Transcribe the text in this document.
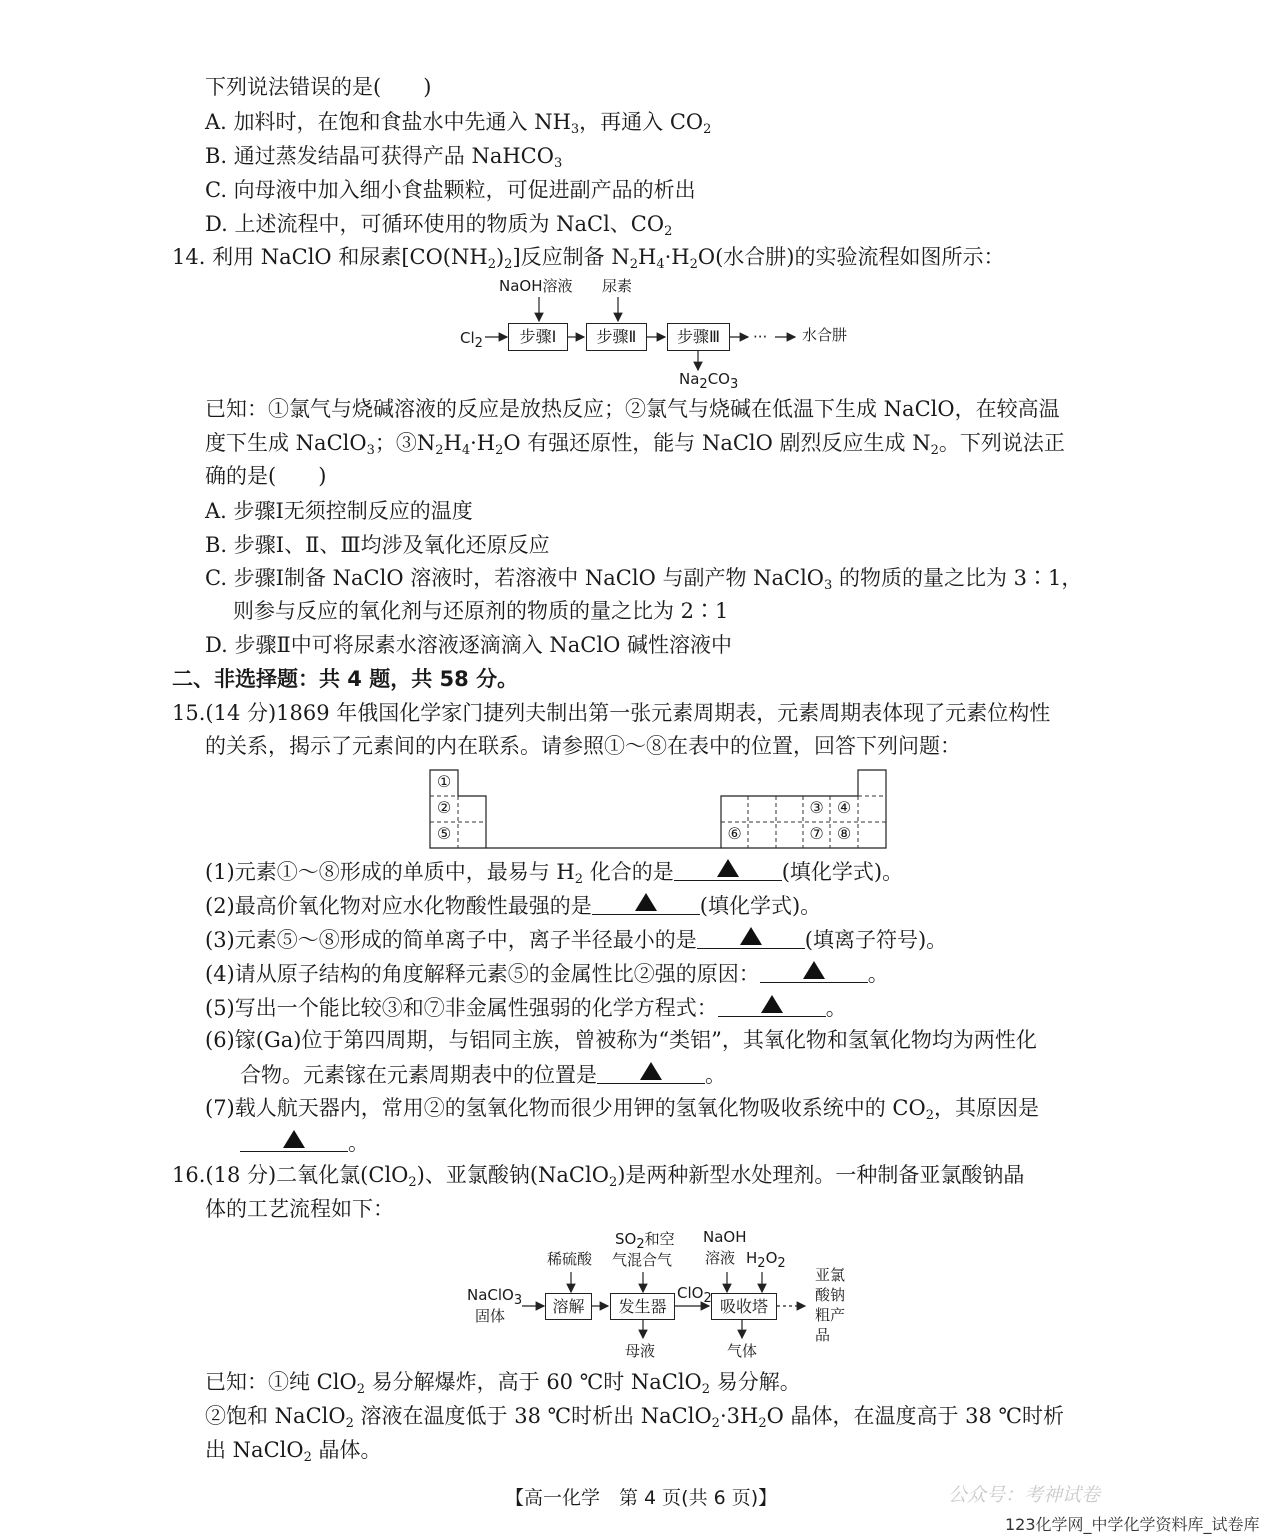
下列说法错误的是(　　)
A. 加料时，在饱和食盐水中先通入 $NH_3$，再通入 $CO_2$
B. 通过蒸发结晶可获得产品 NaHCO$_3$
C. 向母液中加入细小食盐颗粒，可促进副产品的析出
D. 上述流程中，可循环使用的物质为 NaCl、$CO_2$
14. 利用 NaClO 和尿素$[CO(NH_2)_2]$反应制备 $N_2H_4\cdot H_2O$(水合肼)的实验流程如图所示：
$Cl_2$
NaOH溶液 尿素
步骤Ⅰ	步骤Ⅱ	步骤Ⅲ	··· 水合肼
$Na_2CO_3$
已知：①氯气与烧碱溶液的反应是放热反应；②氯气与烧碱在低温下生成 NaClO，在较高温
度下生成 NaClO$_3$；$③N_2H_4\cdot H_2O$ 有强还原性，能与 NaClO 剧烈反应生成 $N_2$。下列说法正
确的是(　　)
A. 步骤Ⅰ无须控制反应的温度
B. 步骤Ⅰ、Ⅱ、Ⅲ均涉及氧化还原反应
C. 步骤Ⅰ制备 NaClO 溶液时，若溶液中 NaClO 与副产物 NaClO$_3$ 的物质的量之比为 3∶1，
则参与反应的氧化剂与还原剂的物质的量之比为 2∶1
D. 步骤Ⅱ中可将尿素水溶液逐滴滴入 NaClO 碱性溶液中
二、非选择题：共 4 题，共 58 分。
15.(14 分)1869 年俄国化学家门捷列夫制出第一张元素周期表，元素周期表体现了元素位构性
的关系，揭示了元素间的内在联系。请参照①～⑧在表中的位置，回答下列问题：
①
②
⑤
③ ④
⑥	⑦ ⑧
(1)元素①～⑧形成的单质中，最易与 $H_2$ 化合的是	(填化学式)。
(2)最高价氧化物对应水化物酸性最强的是	(填化学式)。
(3)元素⑤～⑧形成的简单离子中，离子半径最小的是	(填离子符号)。
(4)请从原子结构的角度解释元素⑤的金属性比②强的原因：	。
(5)写出一个能比较③和⑦非金属性强弱的化学方程式：	。
(6)镓(Ga)位于第四周期，与铝同主族，曾被称为“类铝”，其氧化物和氢氧化物均为两性化
合物。元素镓在元素周期表中的位置是	。
(7)载人航天器内，常用②的氢氧化物而很少用钾的氢氧化物吸收系统中的 $CO_2$，其原因是
。
16.(18 分)二氧化氯(ClO$_2$)、亚氯酸钠(NaClO$_2$)是两种新型水处理剂。一种制备亚氯酸钠晶
体的工艺流程如下：
NaClO$_3$
固体
稀硫酸
$SO_2$和空
气混合气
NaOH
溶液 $H_2O_2$
溶解	发生器	吸收塔
ClO$_2$
母液	气体
亚氯
酸钠
粗产
品
已知：①纯 ClO$_2$ 易分解爆炸，高于 60 ℃时 NaClO$_2$ 易分解。
②饱和 NaClO$_2$ 溶液在温度低于 38 ℃时析出 $NaClO_2\cdot 3H_2O$ 晶体，在温度高于 38 ℃时析
出 NaClO$_2$ 晶体。
【高一化学　第 4 页(共 6 页)】	公众号：考神试卷
123化学网_中学化学资料库_试卷库
